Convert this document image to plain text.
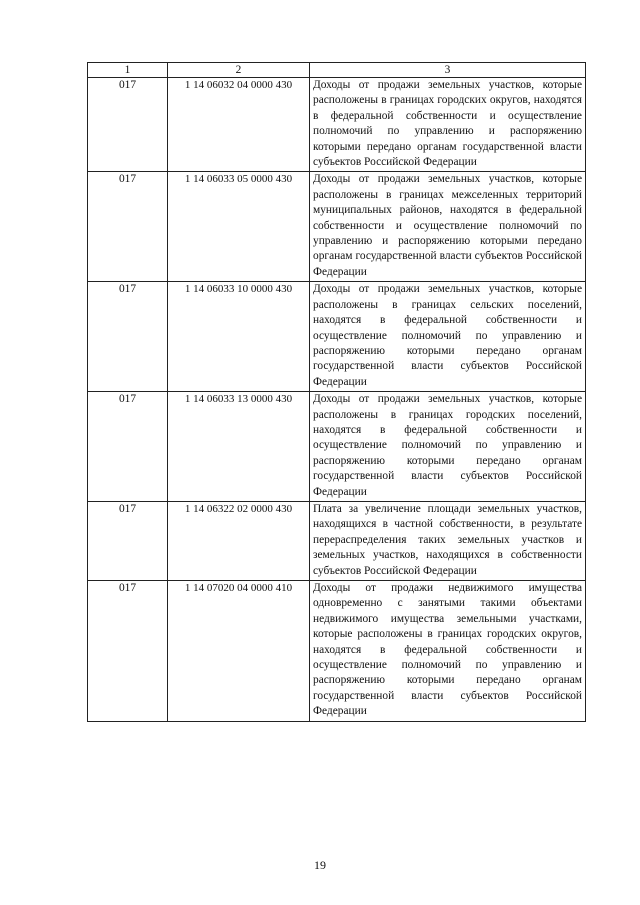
1	2	3
017	1 14 06032 04 0000 430	Доходы от продажи земельных участков, которые расположены в границах городских округов, находятся в федеральной собственности и осуществление полномочий по управлению и распоряжению которыми передано органам государственной власти субъектов Российской Федерации
017	1 14 06033 05 0000 430	Доходы от продажи земельных участков, которые расположены в границах межселенных территорий муниципальных районов, находятся в федеральной собственности и осуществление полномочий по управлению и распоряжению которыми передано органам государственной власти субъектов Российской Федерации
017	1 14 06033 10 0000 430	Доходы от продажи земельных участков, которые расположены в границах сельских поселений, находятся в федеральной собственности и осуществление полномочий по управлению и распоряжению которыми передано органам государственной власти субъектов Российской Федерации
017	1 14 06033 13 0000 430	Доходы от продажи земельных участков, которые расположены в границах городских поселений, находятся в федеральной собственности и осуществление полномочий по управлению и распоряжению которыми передано органам государственной власти субъектов Российской Федерации
017	1 14 06322 02 0000 430	Плата за увеличение площади земельных участков, находящихся в частной собственности, в результате перераспределения таких земельных участков и земельных участков, находящихся в собственности субъектов Российской Федерации
017	1 14 07020 04 0000 410	Доходы от продажи недвижимого имущества одновременно с занятыми такими объектами недвижимого имущества земельными участками, которые расположены в границах городских округов, находятся в федеральной собственности и осуществление полномочий по управлению и распоряжению которыми передано органам государственной власти субъектов Российской Федерации
19
